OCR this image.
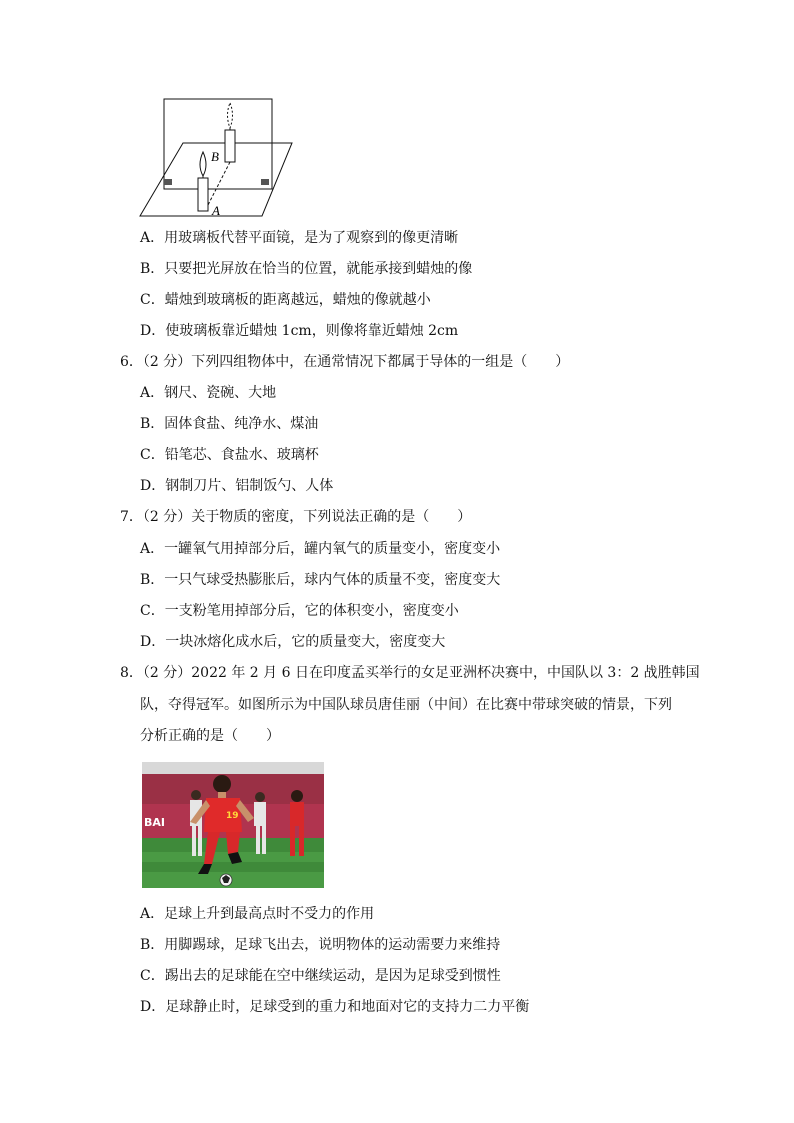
B
A
A．用玻璃板代替平面镜，是为了观察到的像更清晰
B．只要把光屏放在恰当的位置，就能承接到蜡烛的像
C．蜡烛到玻璃板的距离越远，蜡烛的像就越小
D．使玻璃板靠近蜡烛 1cm，则像将靠近蜡烛 2cm
6．（2 分）下列四组物体中，在通常情况下都属于导体的一组是（　　）
A．钢尺、瓷碗、大地
B．固体食盐、纯净水、煤油
C．铅笔芯、食盐水、玻璃杯
D．钢制刀片、铝制饭勺、人体
7．（2 分）关于物质的密度，下列说法正确的是（　　）
A．一罐氧气用掉部分后，罐内氧气的质量变小，密度变小
B．一只气球受热膨胀后，球内气体的质量不变，密度变大
C．一支粉笔用掉部分后，它的体积变小，密度变小
D．一块冰熔化成水后，它的质量变大，密度变大
8．（2 分）2022 年 2 月 6 日在印度孟买举行的女足亚洲杯决赛中，中国队以 3：2 战胜韩国
队，夺得冠军。如图所示为中国队球员唐佳丽（中间）在比赛中带球突破的情景，下列
分析正确的是（　　）
BAI	19
A．足球上升到最高点时不受力的作用
B．用脚踢球，足球飞出去，说明物体的运动需要力来维持
C．踢出去的足球能在空中继续运动，是因为足球受到惯性
D．足球静止时，足球受到的重力和地面对它的支持力二力平衡
